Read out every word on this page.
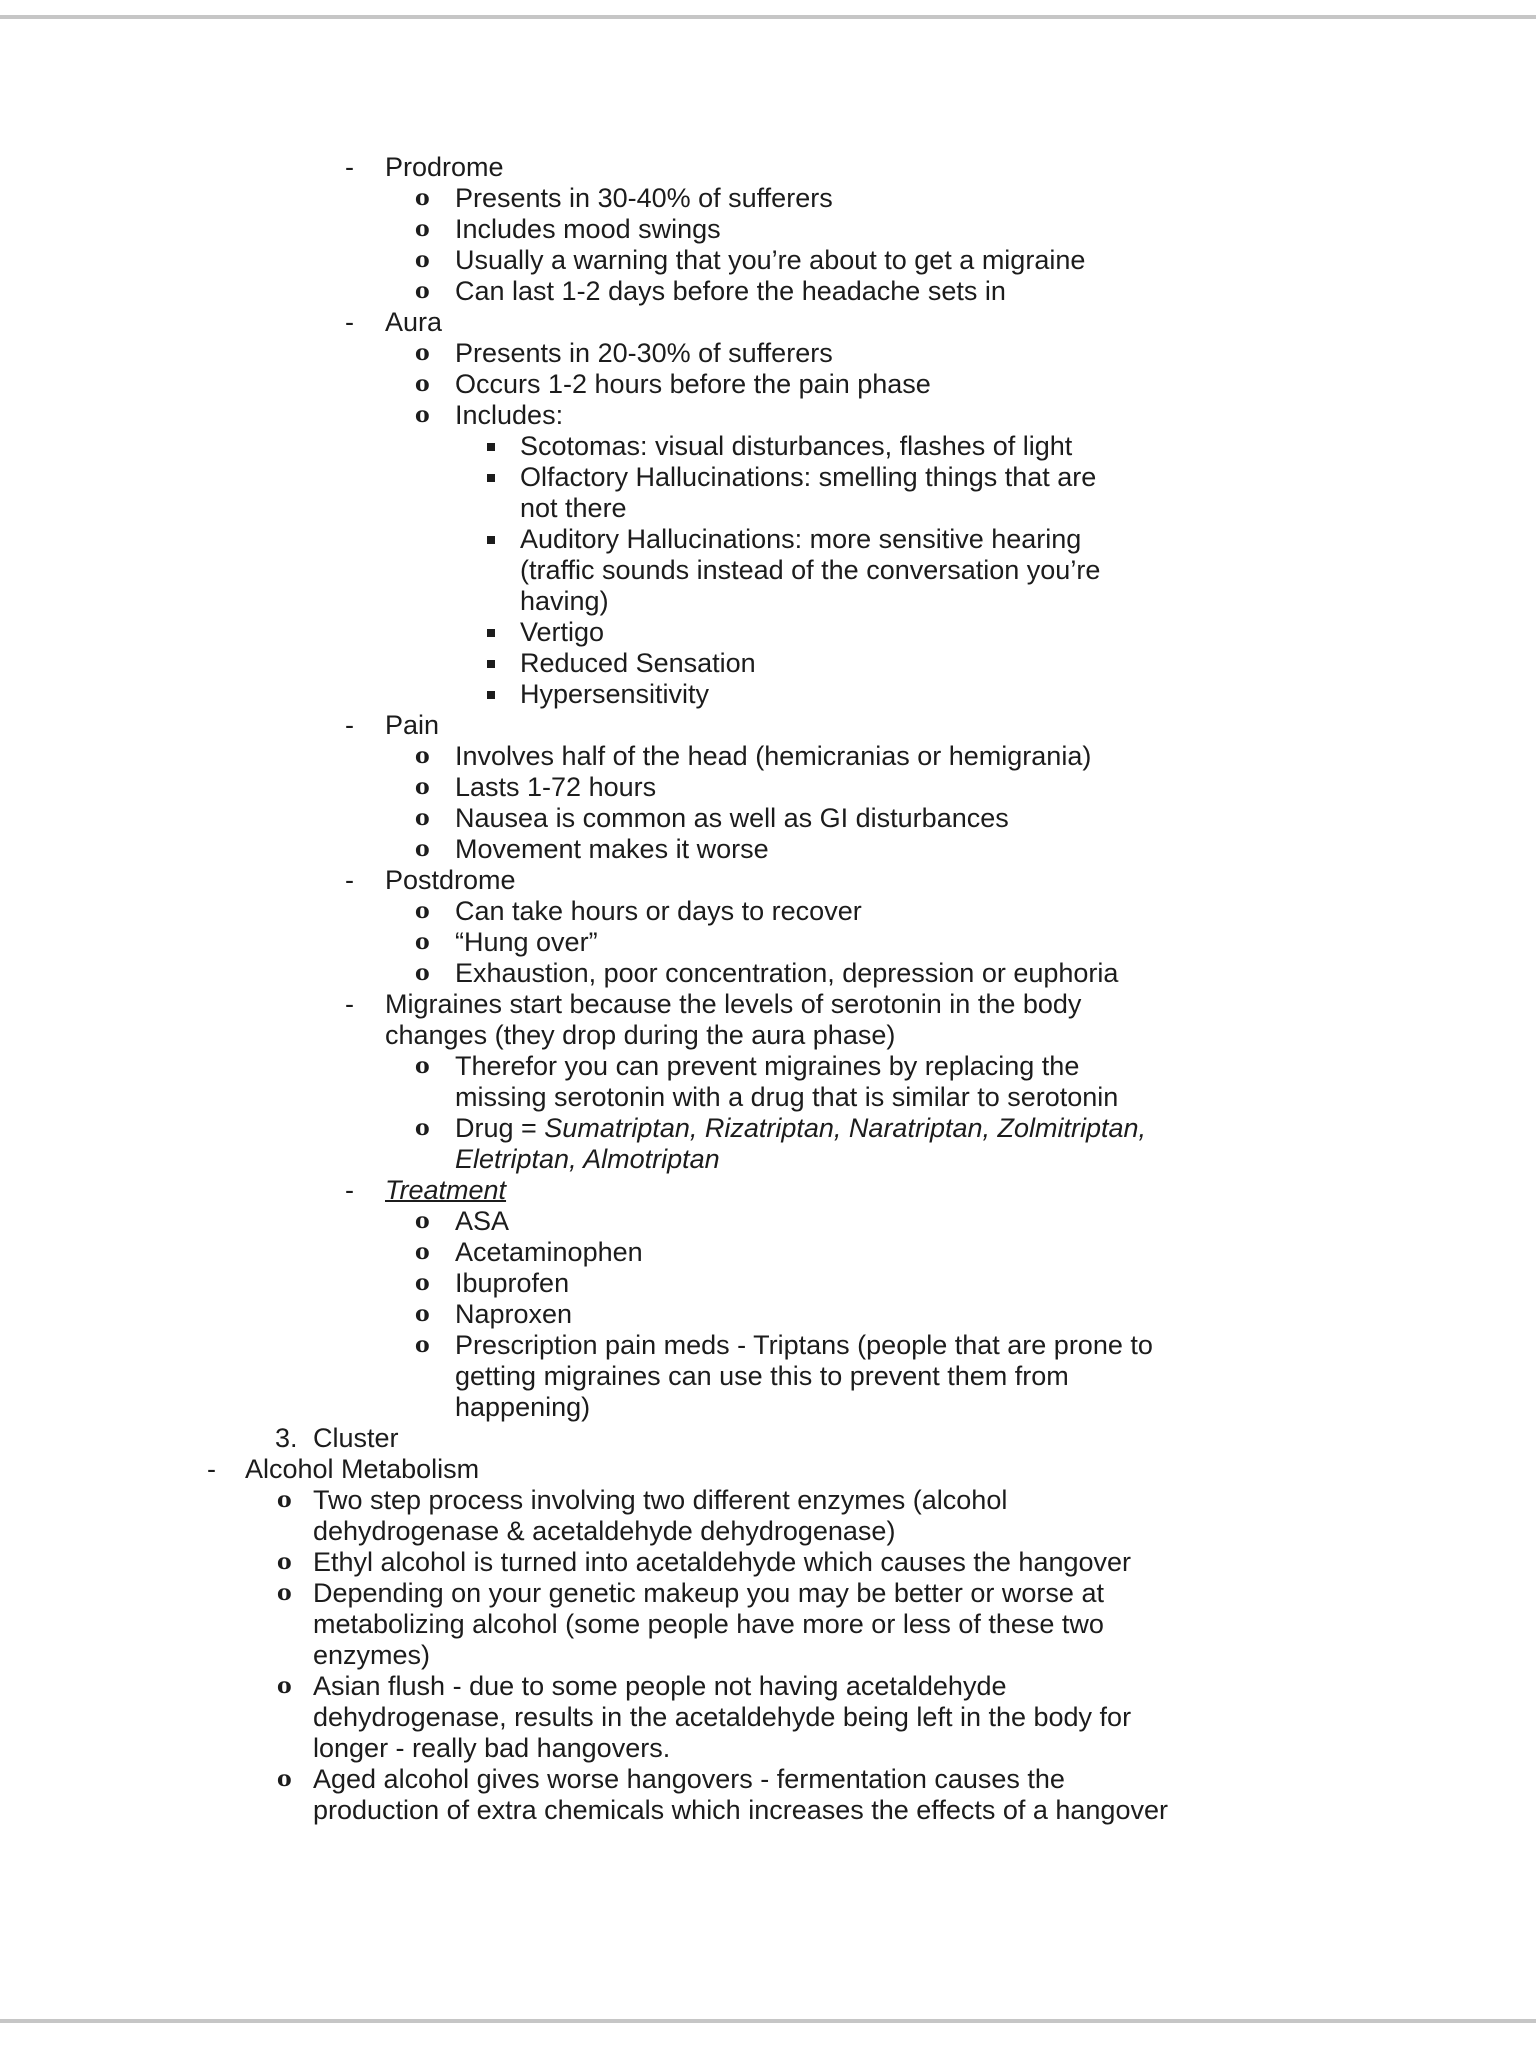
- Prodrome
o Presents in 30-40% of sufferers
o Includes mood swings
o Usually a warning that you’re about to get a migraine
o Can last 1-2 days before the headache sets in
- Aura
o Presents in 20-30% of sufferers
o Occurs 1-2 hours before the pain phase
o Includes:
Scotomas: visual disturbances, flashes of light
Olfactory Hallucinations: smelling things that are
not there
Auditory Hallucinations: more sensitive hearing
(traffic sounds instead of the conversation you’re
having)
Vertigo
Reduced Sensation
Hypersensitivity
- Pain
o Involves half of the head (hemicranias or hemigrania)
o Lasts 1-72 hours
o Nausea is common as well as GI disturbances
o Movement makes it worse
- Postdrome
o Can take hours or days to recover
o “Hung over”
o Exhaustion, poor concentration, depression or euphoria
- Migraines start because the levels of serotonin in the body
changes (they drop during the aura phase)
o Therefor you can prevent migraines by replacing the
missing serotonin with a drug that is similar to serotonin
o Drug = Sumatriptan, Rizatriptan, Naratriptan, Zolmitriptan,
Eletriptan, Almotriptan
- Treatment
o ASA
o Acetaminophen
o Ibuprofen
o Naproxen
o Prescription pain meds - Triptans (people that are prone to
getting migraines can use this to prevent them from
happening)
3. Cluster
- Alcohol Metabolism
o Two step process involving two different enzymes (alcohol
dehydrogenase & acetaldehyde dehydrogenase)
o Ethyl alcohol is turned into acetaldehyde which causes the hangover
o Depending on your genetic makeup you may be better or worse at
metabolizing alcohol (some people have more or less of these two
enzymes)
o Asian flush - due to some people not having acetaldehyde
dehydrogenase, results in the acetaldehyde being left in the body for
longer - really bad hangovers.
o Aged alcohol gives worse hangovers - fermentation causes the
production of extra chemicals which increases the effects of a hangover
